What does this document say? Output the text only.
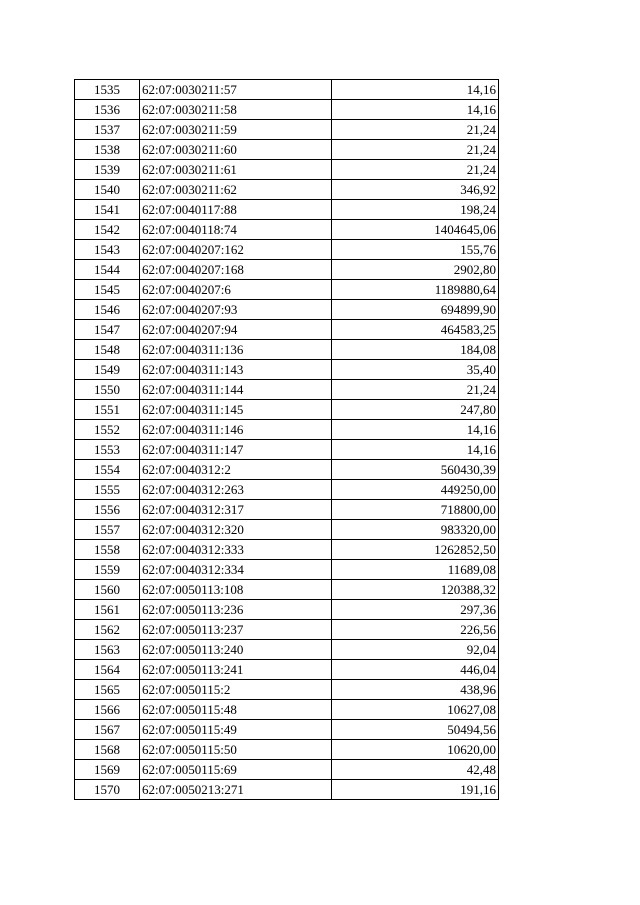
1535	62:07:0030211:57	14,16
1536	62:07:0030211:58	14,16
1537	62:07:0030211:59	21,24
1538	62:07:0030211:60	21,24
1539	62:07:0030211:61	21,24
1540	62:07:0030211:62	346,92
1541	62:07:0040117:88	198,24
1542	62:07:0040118:74	1404645,06
1543	62:07:0040207:162	155,76
1544	62:07:0040207:168	2902,80
1545	62:07:0040207:6	1189880,64
1546	62:07:0040207:93	694899,90
1547	62:07:0040207:94	464583,25
1548	62:07:0040311:136	184,08
1549	62:07:0040311:143	35,40
1550	62:07:0040311:144	21,24
1551	62:07:0040311:145	247,80
1552	62:07:0040311:146	14,16
1553	62:07:0040311:147	14,16
1554	62:07:0040312:2	560430,39
1555	62:07:0040312:263	449250,00
1556	62:07:0040312:317	718800,00
1557	62:07:0040312:320	983320,00
1558	62:07:0040312:333	1262852,50
1559	62:07:0040312:334	11689,08
1560	62:07:0050113:108	120388,32
1561	62:07:0050113:236	297,36
1562	62:07:0050113:237	226,56
1563	62:07:0050113:240	92,04
1564	62:07:0050113:241	446,04
1565	62:07:0050115:2	438,96
1566	62:07:0050115:48	10627,08
1567	62:07:0050115:49	50494,56
1568	62:07:0050115:50	10620,00
1569	62:07:0050115:69	42,48
1570	62:07:0050213:271	191,16
